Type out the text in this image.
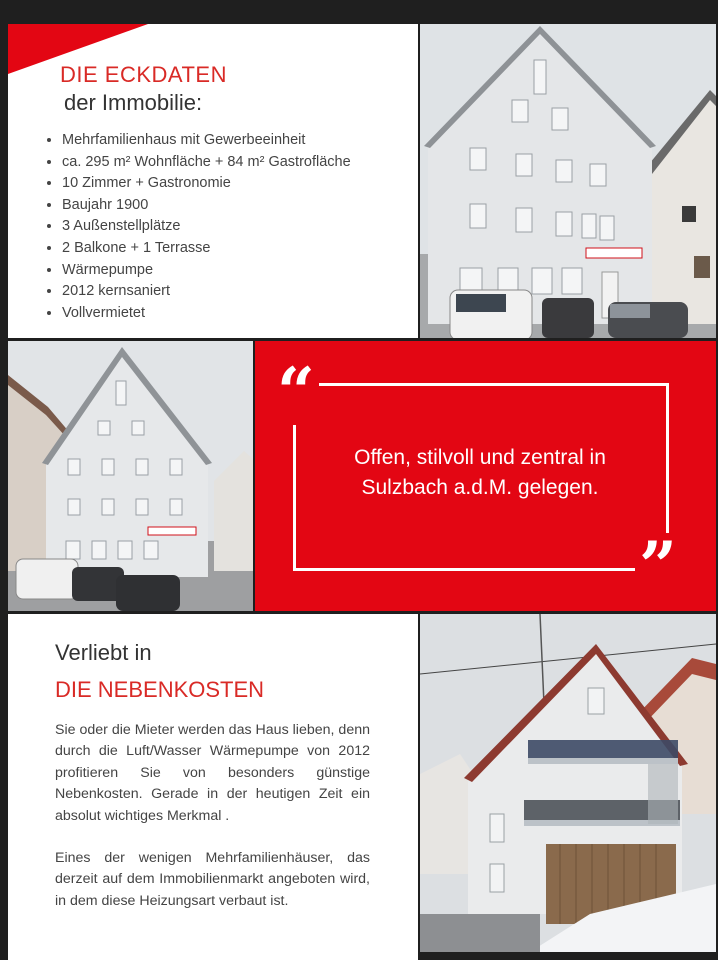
DIE ECKDATEN
der Immobilie:
• Mehrfamilienhaus mit Gewerbeeinheit
• ca. 295 m² Wohnfläche + 84 m² Gastrofläche
• 10 Zimmer + Gastronomie
• Baujahr 1900
• 3 Außenstellplätze
• 2 Balkone + 1 Terrasse
• Wärmepumpe
• 2012 kernsaniert
• Vollvermietet
“
Offen, stilvoll und zentral in
Sulzbach a.d.M. gelegen.
”
Verliebt in
DIE NEBENKOSTEN

Sie oder die Mieter werden das Haus lieben, denn durch die Luft/Wasser Wärmepumpe von 2012 profitieren Sie von besonders günstige Nebenkosten. Gerade in der heutigen Zeit ein absolut wichtiges Merkmal .

Eines der wenigen Mehrfamilienhäuser, das derzeit auf dem Immobilienmarkt angeboten wird, in dem diese Heizungsart verbaut ist.
